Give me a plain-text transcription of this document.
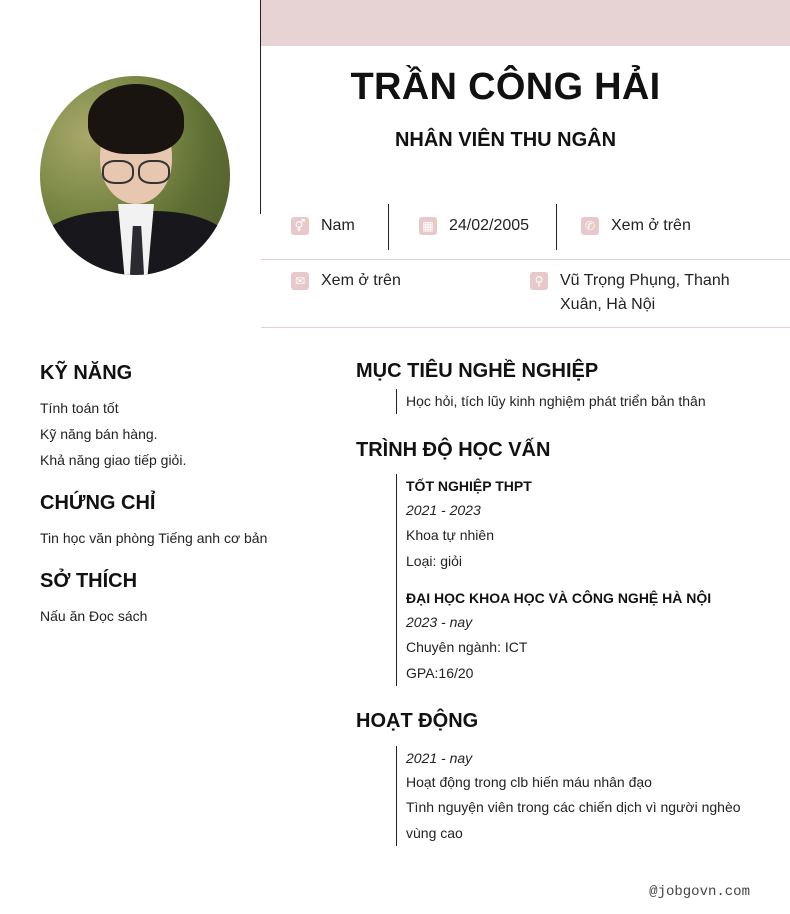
TRẦN CÔNG HẢI
NHÂN VIÊN THU NGÂN
⚥ Nam	▦ 24/02/2005	✆ Xem ở trên
✉ Xem ở trên	⚲ Vũ Trọng Phụng, Thanh
Xuân, Hà Nội
KỸ NĂNG
Tính toán tốt
Kỹ năng bán hàng.
Khả năng giao tiếp giỏi.
CHỨNG CHỈ
Tin học văn phòng Tiếng anh cơ bản
SỞ THÍCH
Nấu ăn Đọc sách
MỤC TIÊU NGHỀ NGHIỆP
Học hỏi, tích lũy kinh nghiệm phát triển bản thân
TRÌNH ĐỘ HỌC VẤN
TỐT NGHIỆP THPT
2021 - 2023
Khoa tự nhiên
Loại: giỏi
ĐẠI HỌC KHOA HỌC VÀ CÔNG NGHỆ HÀ NỘI
2023 - nay
Chuyên ngành: ICT
GPA:16/20
HOẠT ĐỘNG
2021 - nay
Hoạt động trong clb hiến máu nhân đạo
Tình nguyện viên trong các chiến dịch vì người nghèo
vùng cao
@jobgovn.com
